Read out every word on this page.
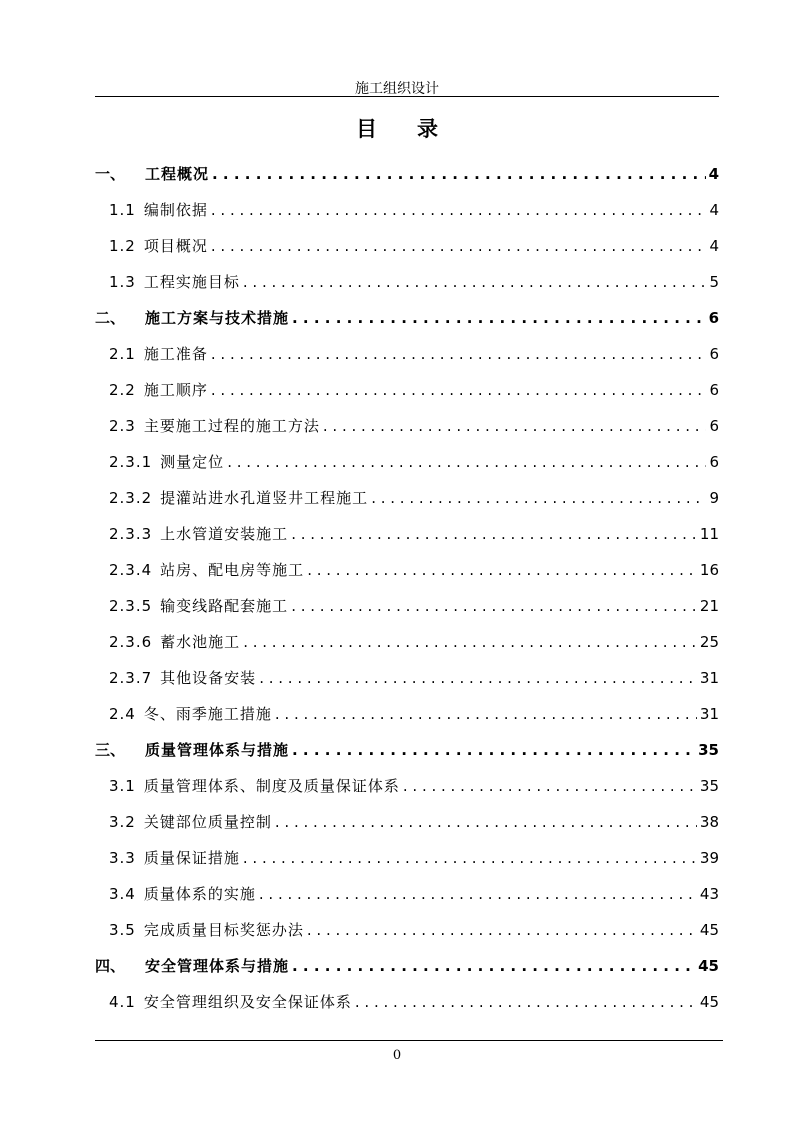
施工组织设计
目录
一、	工程概况 . . .	4
1.1 编制依据 . . .	4
1.2 项目概况 . . .	4
1.3 工程实施目标 . . .	5
二、	施工方案与技术措施 . . .	6
2.1 施工准备 . . .	6
2.2 施工顺序 . . .	6
2.3 主要施工过程的施工方法 . . .	6
2.3.1 测量定位 . . .	6
2.3.2 提灌站进水孔道竖井工程施工 . . .	9
2.3.3 上水管道安装施工 . . .	11
2.3.4 站房、配电房等施工 . . .	16
2.3.5 输变线路配套施工 . . .	21
2.3.6 蓄水池施工 . . .	25
2.3.7 其他设备安装 . . .	31
2.4 冬、雨季施工措施 . . .	31
三、	质量管理体系与措施 . . .	35
3.1 质量管理体系、制度及质量保证体系 . . .	35
3.2 关键部位质量控制 . . .	38
3.3 质量保证措施 . . .	39
3.4 质量体系的实施 . . .	43
3.5 完成质量目标奖惩办法 . . .	45
四、	安全管理体系与措施 . . .	45
4.1 安全管理组织及安全保证体系 . . .	45
0
